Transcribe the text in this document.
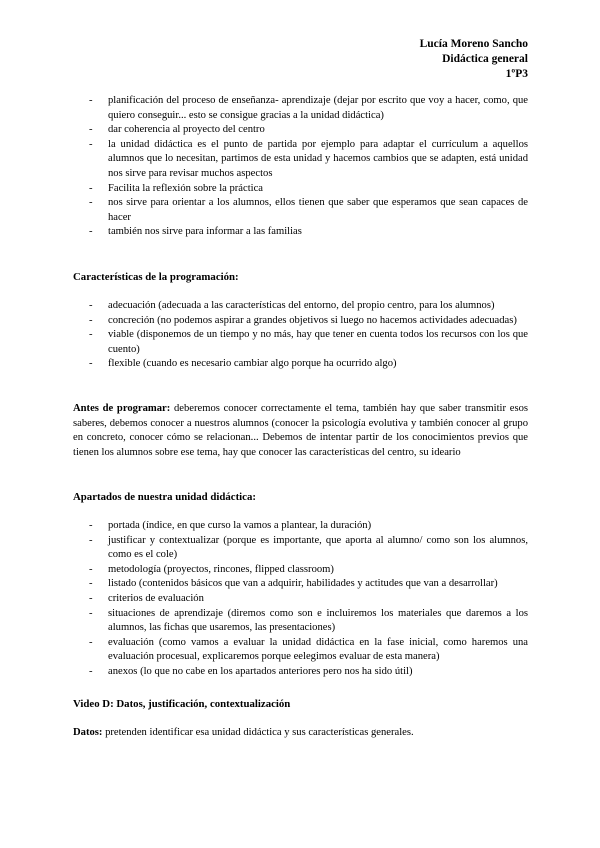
Lucía Moreno Sancho
Didáctica general
1ºP3
- planificación del proceso de enseñanza- aprendizaje (dejar por escrito que voy a hacer, como, que quiero conseguir... esto se consigue gracias a la unidad didáctica)
- dar coherencia al proyecto del centro
- la unidad didáctica es el punto de partida por ejemplo para adaptar el currículum a aquellos alumnos que lo necesitan, partimos de esta unidad y hacemos cambios que se adapten, está unidad nos sirve para revisar muchos aspectos
- Facilita la reflexión sobre la práctica
- nos sirve para orientar a los alumnos, ellos tienen que saber que esperamos que sean capaces de hacer
- también nos sirve para informar a las familias
Características de la programación:
- adecuación (adecuada a las características del entorno, del propio centro, para los alumnos)
- concreción (no podemos aspirar a grandes objetivos si luego no hacemos actividades adecuadas)
- viable (disponemos de un tiempo y no más, hay que tener en cuenta todos los recursos con los que cuento)
- flexible (cuando es necesario cambiar algo porque ha ocurrido algo)

Antes de programar: deberemos conocer correctamente el tema, también hay que saber transmitir esos saberes, debemos conocer a nuestros alumnos (conocer la psicología evolutiva y también conocer al grupo en concreto, conocer cómo se relacionan... Debemos de intentar partir de los conocimientos previos que tienen los alumnos sobre ese tema, hay que conocer las características del centro, su ideario

Apartados de nuestra unidad didáctica:
- portada (índice, en que curso la vamos a plantear, la duración)
- justificar y contextualizar (porque es importante, que aporta al alumno/ como son los alumnos, como es el cole)
- metodología (proyectos, rincones, flipped classroom)
- listado (contenidos básicos que van a adquirir, habilidades y actitudes que van a desarrollar)
- criterios de evaluación
- situaciones de aprendizaje (diremos como son e incluiremos los materiales que daremos a los alumnos, las fichas que usaremos, las presentaciones)
- evaluación (como vamos a evaluar la unidad didáctica en la fase inicial, como haremos una evaluación procesual, explicaremos porque eelegimos evaluar de esta manera)
- anexos (lo que no cabe en los apartados anteriores pero nos ha sido útil)
Video D: Datos, justificación, contextualización

Datos: pretenden identificar esa unidad didáctica y sus características generales.
